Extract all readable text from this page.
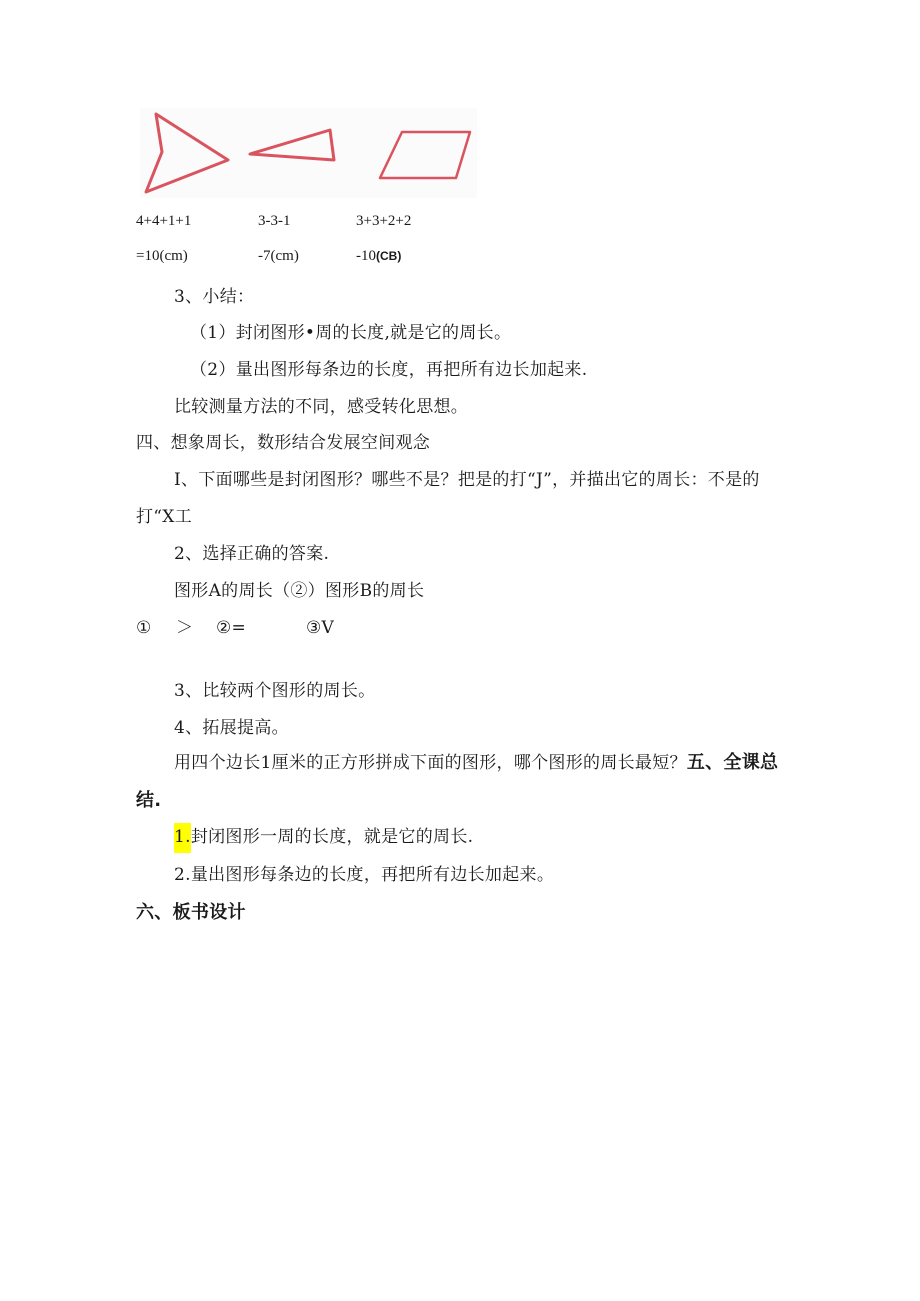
4+4+1+1	3-3-1	3+3+2+2
=10(cm)	-7(cm)	-10(CB)
3、小结：
（1）封闭图形•周的长度,就是它的周长。
（2）量出图形每条边的长度，再把所有边长加起来.
比较测量方法的不同，感受转化思想。
四、想象周长，数形结合发展空间观念
I、下面哪些是封闭图形？哪些不是？把是的打“J”，并描出它的周长：不是的
打“X工
2、选择正确的答案.
图形A的周长（②）图形B的周长
① ＞ ②=	③V
3、比较两个图形的周长。
4、拓展提高。
用四个边长1厘米的正方形拼成下面的图形，哪个图形的周长最短？五、全课总
结.
1.封闭图形一周的长度，就是它的周长.
2.量出图形每条边的长度，再把所有边长加起来。
六、板书设计
